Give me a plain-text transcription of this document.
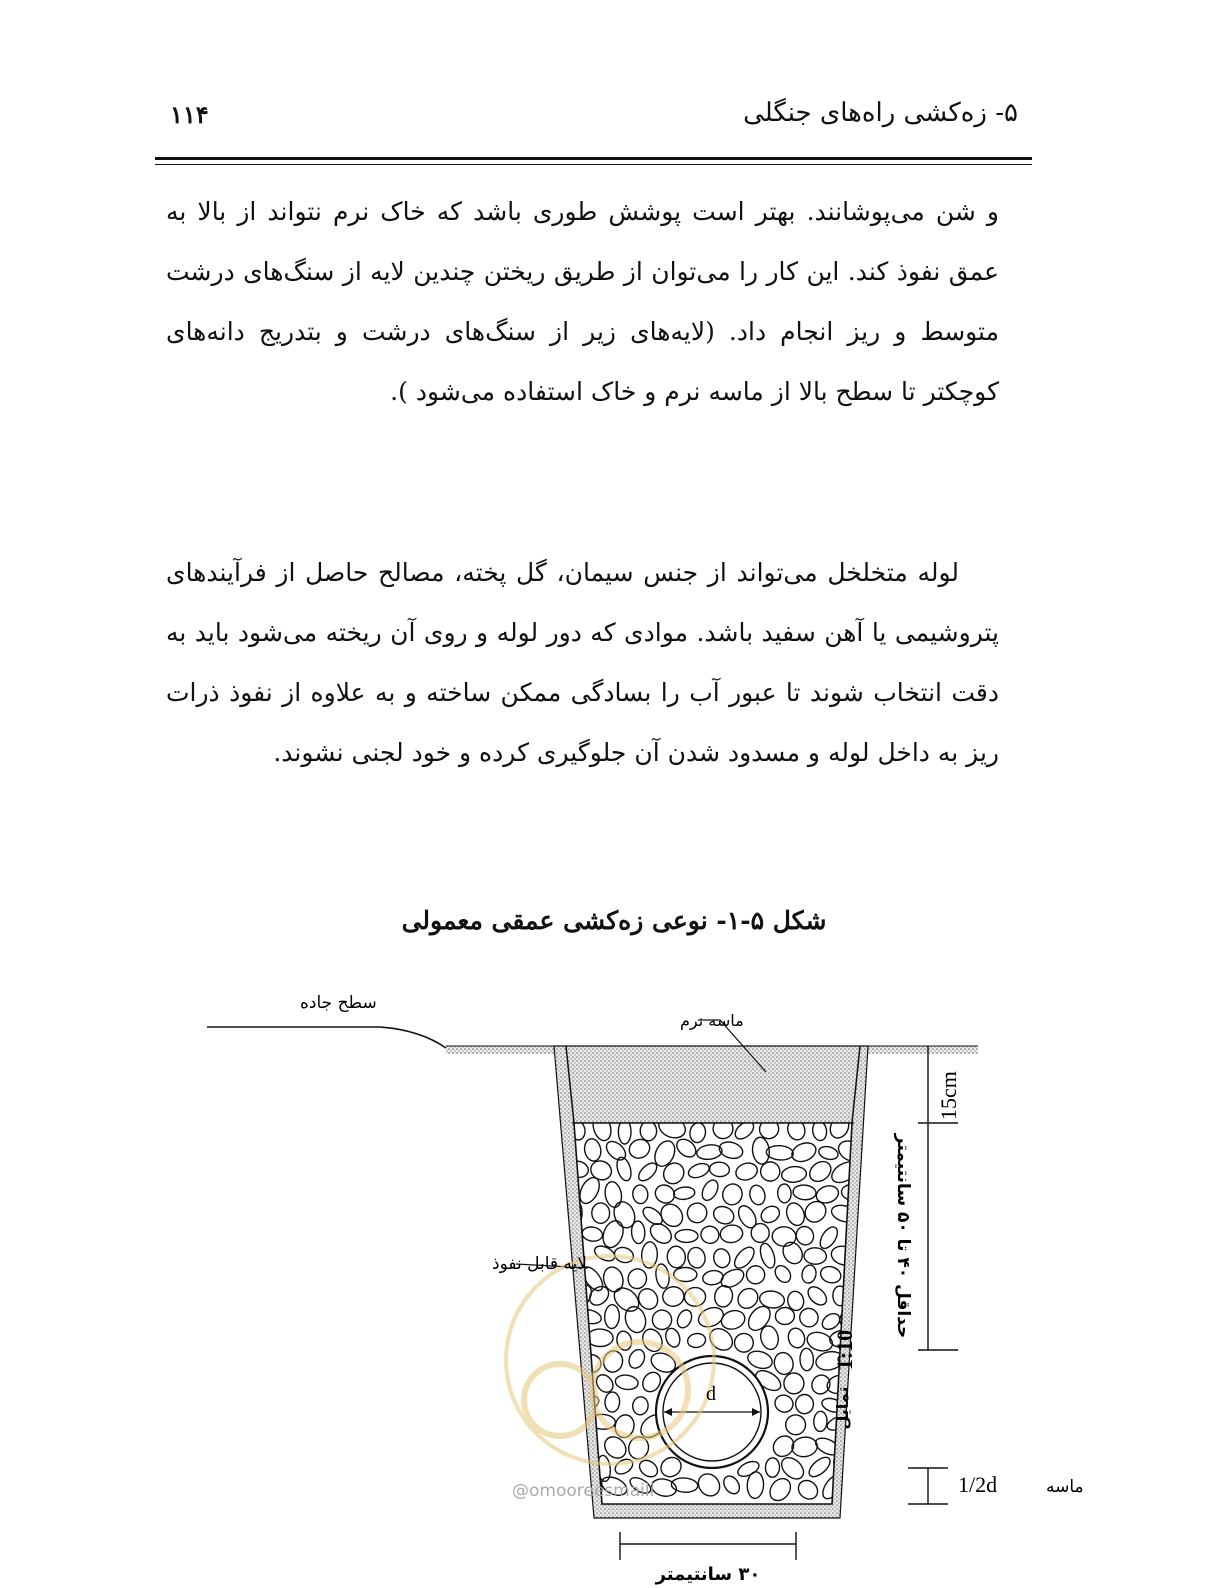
۱۱۴	۵- زه‌کشی راه‌های جنگلی

و شن می‌پوشانند. بهتر است پوشش طوری باشد که خاک نرم نتواند از بالا به عمق نفوذ کند. این کار را می‌توان از طریق ریختن چندین لایه از سنگ‌های درشت متوسط و ریز انجام داد. (لایه‌های زیر از سنگ‌های درشت و بتدریج دانه‌های کوچکتر تا سطح بالا از ماسه نرم و خاک استفاده می‌شود ).

لوله متخلخل می‌تواند از جنس سیمان، گل پخته، مصالح حاصل از فرآیندهای پتروشیمی یا آهن سفید باشد. موادی که دور لوله و روی آن ریخته می‌شود باید به دقت انتخاب شوند تا عبور آب را بسادگی ممکن ساخته و به علاوه از نفوذ ذرات ریز به داخل لوله و مسدود شدن آن جلوگیری کرده و خود لجنی نشوند.

شکل ۵-۱- نوعی زه‌کشی عمقی معمولی
سطح جاده
ماسه نرم
لایه قابل نفوذ
15cm
حداقل ۴۰ تا ۵۰ سانتیمتر
1:10
تمایل
d
1/2d	ماسه
۳۰ سانتیمتر
@omooreesmaili
